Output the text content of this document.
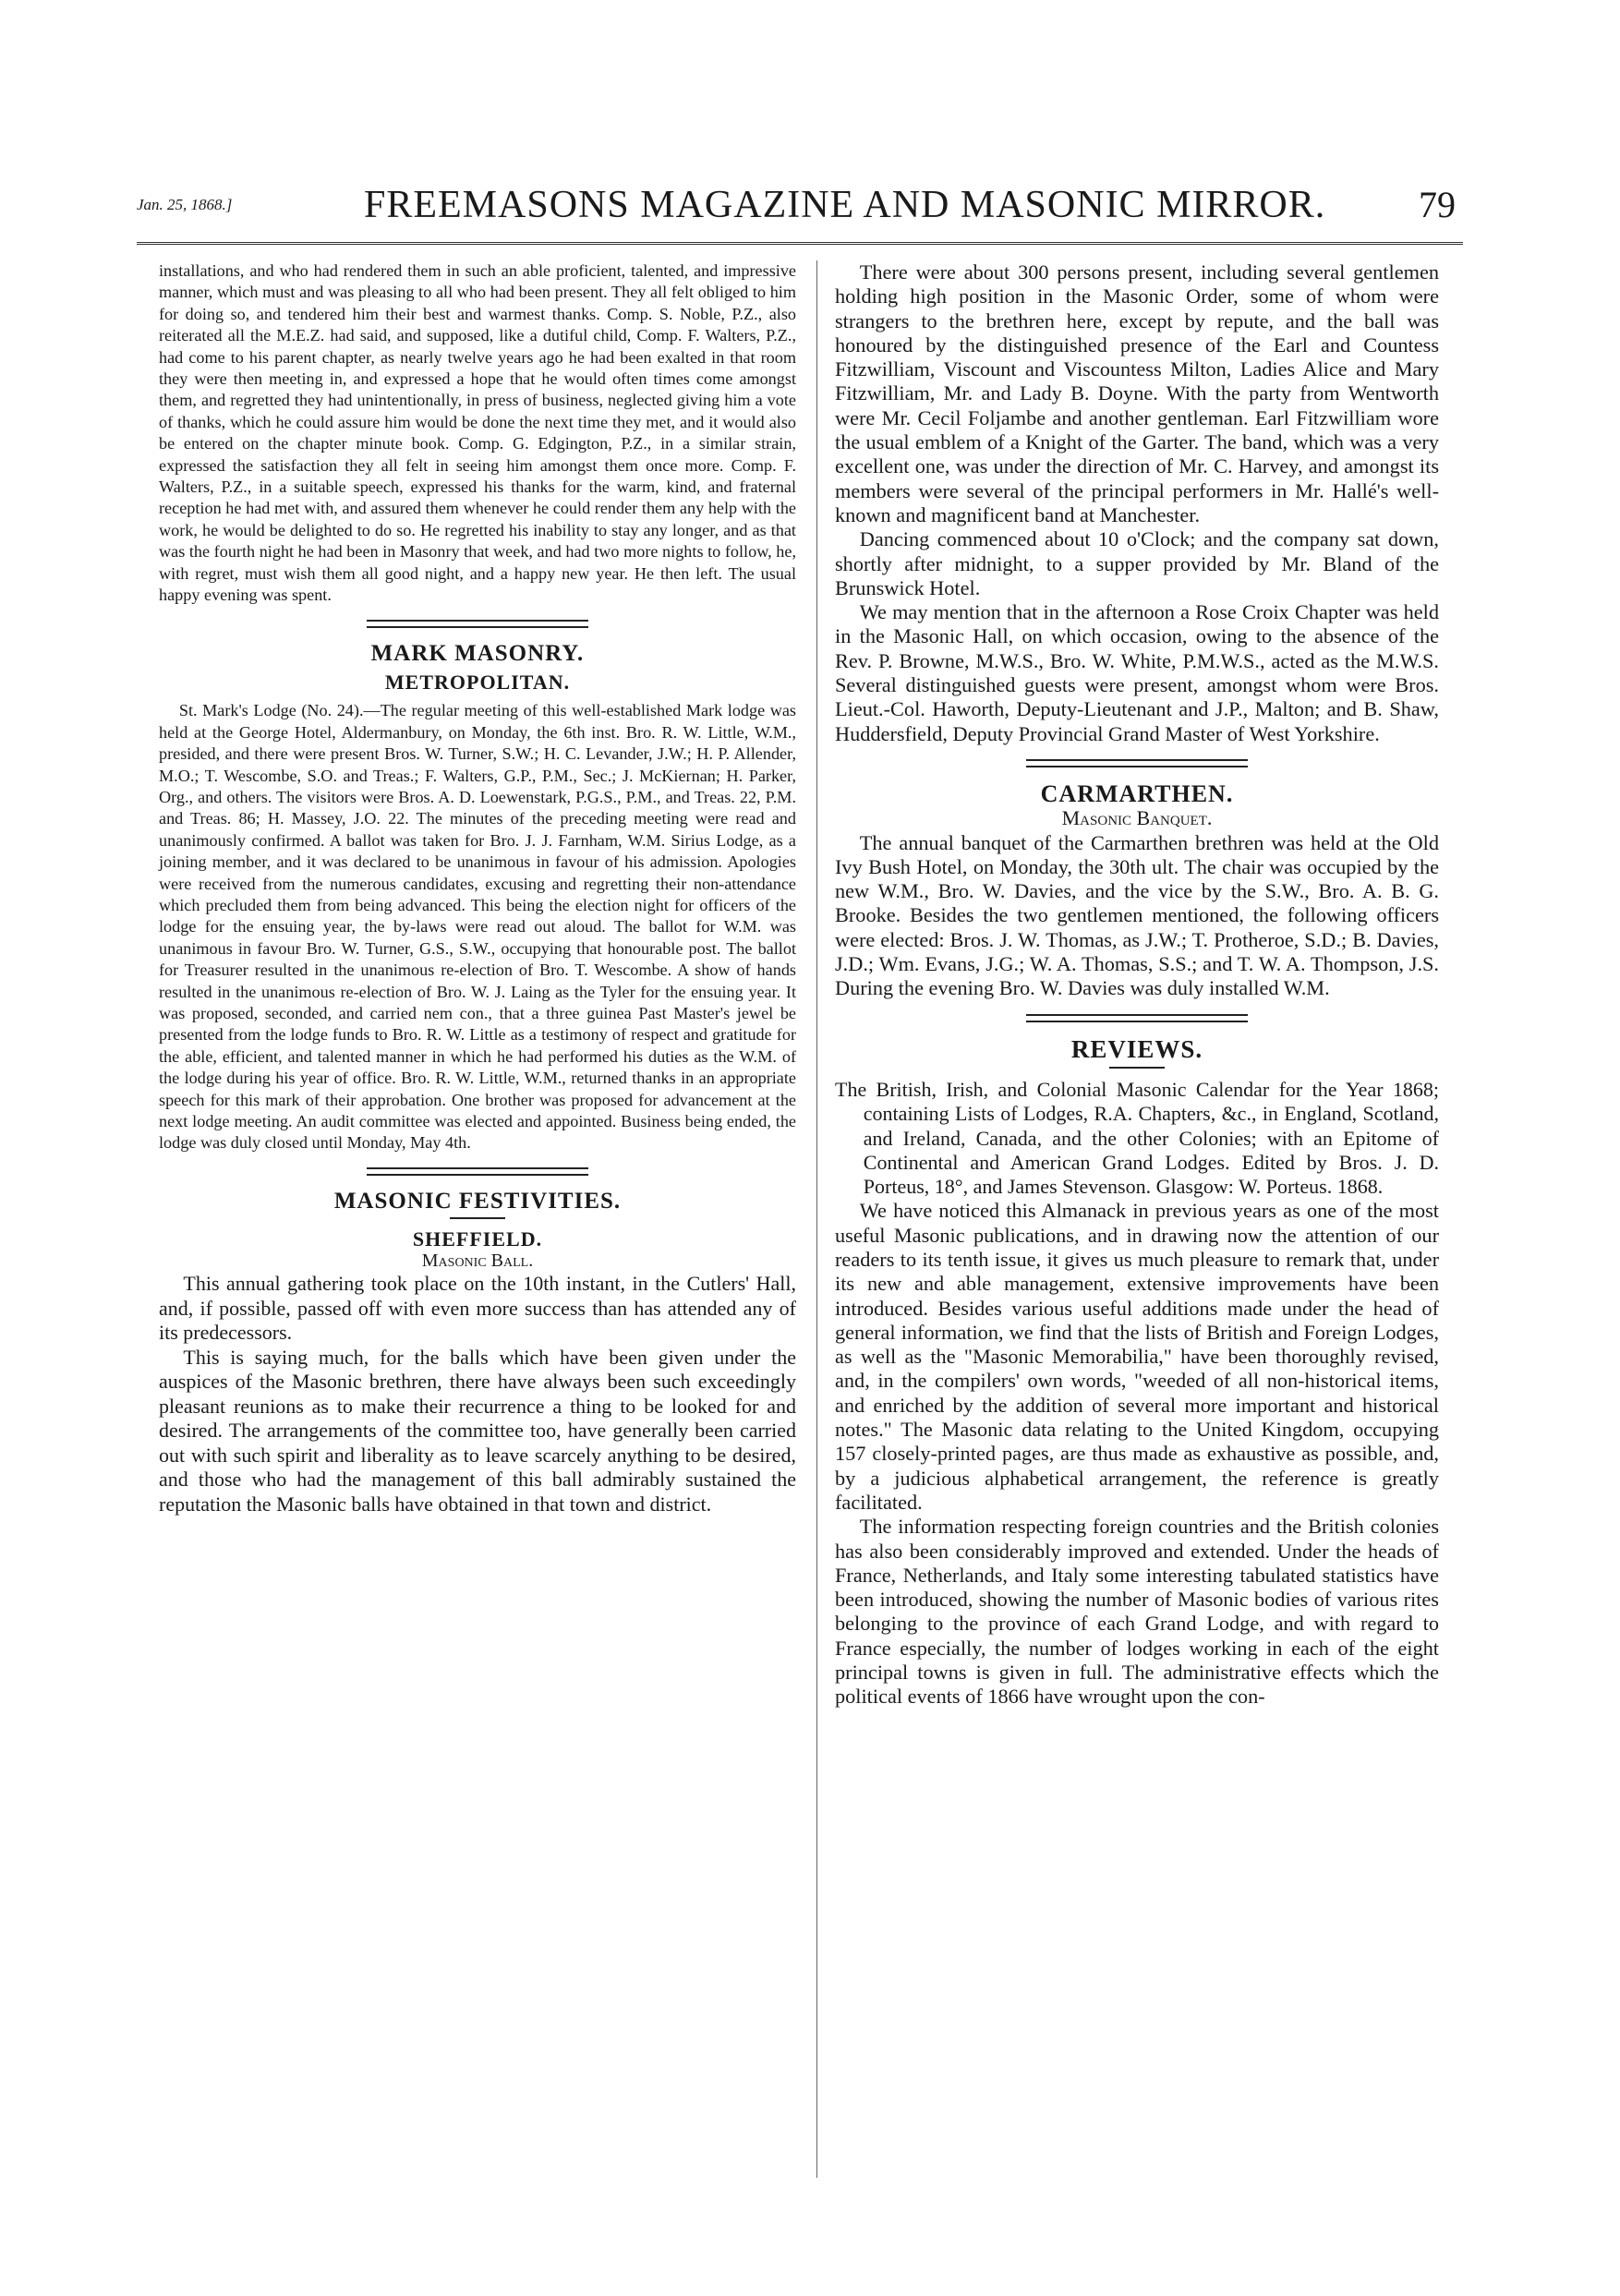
Jan. 25, 1868.]	FREEMASONS MAGAZINE AND MASONIC MIRROR.	79

installations, and who had rendered them in such an able proficient, talented, and impressive manner, which must and was pleasing to all who had been present. They all felt obliged to him for doing so, and tendered him their best and warmest thanks. Comp. S. Noble, P.Z., also reiterated all the M.E.Z. had said, and supposed, like a dutiful child, Comp. F. Walters, P.Z., had come to his parent chapter, as nearly twelve years ago he had been exalted in that room they were then meeting in, and expressed a hope that he would often times come amongst them, and regretted they had unintentionally, in press of business, neglected giving him a vote of thanks, which he could assure him would be done the next time they met, and it would also be entered on the chapter minute book. Comp. G. Edgington, P.Z., in a similar strain, expressed the satisfaction they all felt in seeing him amongst them once more. Comp. F. Walters, P.Z., in a suitable speech, expressed his thanks for the warm, kind, and fraternal reception he had met with, and assured them whenever he could render them any help with the work, he would be delighted to do so. He regretted his inability to stay any longer, and as that was the fourth night he had been in Masonry that week, and had two more nights to follow, he, with regret, must wish them all good night, and a happy new year. He then left. The usual happy evening was spent.

MARK MASONRY.
METROPOLITAN.

St. Mark's Lodge (No. 24).—The regular meeting of this well-established Mark lodge was held at the George Hotel, Aldermanbury, on Monday, the 6th inst. Bro. R. W. Little, W.M., presided, and there were present Bros. W. Turner, S.W.; H. C. Levander, J.W.; H. P. Allender, M.O.; T. Wescombe, S.O. and Treas.; F. Walters, G.P., P.M., Sec.; J. McKiernan; H. Parker, Org., and others. The visitors were Bros. A. D. Loewenstark, P.G.S., P.M., and Treas. 22, P.M. and Treas. 86; H. Massey, J.O. 22. The minutes of the preceding meeting were read and unanimously confirmed. A ballot was taken for Bro. J. J. Farnham, W.M. Sirius Lodge, as a joining member, and it was declared to be unanimous in favour of his admission. Apologies were received from the numerous candidates, excusing and regretting their non-attendance which precluded them from being advanced. This being the election night for officers of the lodge for the ensuing year, the by-laws were read out aloud. The ballot for W.M. was unanimous in favour Bro. W. Turner, G.S., S.W., occupying that honourable post. The ballot for Treasurer resulted in the unanimous re-election of Bro. T. Wescombe. A show of hands resulted in the unanimous re-election of Bro. W. J. Laing as the Tyler for the ensuing year. It was proposed, seconded, and carried nem con., that a three guinea Past Master's jewel be presented from the lodge funds to Bro. R. W. Little as a testimony of respect and gratitude for the able, efficient, and talented manner in which he had performed his duties as the W.M. of the lodge during his year of office. Bro. R. W. Little, W.M., returned thanks in an appropriate speech for this mark of their approbation. One brother was proposed for advancement at the next lodge meeting. An audit committee was elected and appointed. Business being ended, the lodge was duly closed until Monday, May 4th.

MASONIC FESTIVITIES.
SHEFFIELD.
Masonic Ball.

This annual gathering took place on the 10th instant, in the Cutlers' Hall, and, if possible, passed off with even more success than has attended any of its predecessors.

This is saying much, for the balls which have been given under the auspices of the Masonic brethren, there have always been such exceedingly pleasant reunions as to make their recurrence a thing to be looked for and desired. The arrangements of the committee too, have generally been carried out with such spirit and liberality as to leave scarcely anything to be desired, and those who had the management of this ball admirably sustained the reputation the Masonic balls have obtained in that town and district.

There were about 300 persons present, including several gentlemen holding high position in the Masonic Order, some of whom were strangers to the brethren here, except by repute, and the ball was honoured by the distinguished presence of the Earl and Countess Fitzwilliam, Viscount and Viscountess Milton, Ladies Alice and Mary Fitzwilliam, Mr. and Lady B. Doyne. With the party from Wentworth were Mr. Cecil Foljambe and another gentleman. Earl Fitzwilliam wore the usual emblem of a Knight of the Garter. The band, which was a very excellent one, was under the direction of Mr. C. Harvey, and amongst its members were several of the principal performers in Mr. Hallé's well-known and magnificent band at Manchester.

Dancing commenced about 10 o'Clock; and the company sat down, shortly after midnight, to a supper provided by Mr. Bland of the Brunswick Hotel.

We may mention that in the afternoon a Rose Croix Chapter was held in the Masonic Hall, on which occasion, owing to the absence of the Rev. P. Browne, M.W.S., Bro. W. White, P.M.W.S., acted as the M.W.S. Several distinguished guests were present, amongst whom were Bros. Lieut.-Col. Haworth, Deputy-Lieutenant and J.P., Malton; and B. Shaw, Huddersfield, Deputy Provincial Grand Master of West Yorkshire.

CARMARTHEN.
Masonic Banquet.

The annual banquet of the Carmarthen brethren was held at the Old Ivy Bush Hotel, on Monday, the 30th ult. The chair was occupied by the new W.M., Bro. W. Davies, and the vice by the S.W., Bro. A. B. G. Brooke. Besides the two gentlemen mentioned, the following officers were elected: Bros. J. W. Thomas, as J.W.; T. Protheroe, S.D.; B. Davies, J.D.; Wm. Evans, J.G.; W. A. Thomas, S.S.; and T. W. A. Thompson, J.S. During the evening Bro. W. Davies was duly installed W.M.

REVIEWS.
The British, Irish, and Colonial Masonic Calendar for the Year 1868; containing Lists of Lodges, R.A. Chapters, &c., in England, Scotland, and Ireland, Canada, and the other Colonies; with an Epitome of Continental and American Grand Lodges. Edited by Bros. J. D. Porteus, 18°, and James Stevenson. Glasgow: W. Porteus. 1868.

We have noticed this Almanack in previous years as one of the most useful Masonic publications, and in drawing now the attention of our readers to its tenth issue, it gives us much pleasure to remark that, under its new and able management, extensive improvements have been introduced. Besides various useful additions made under the head of general information, we find that the lists of British and Foreign Lodges, as well as the "Masonic Memorabilia," have been thoroughly revised, and, in the compilers' own words, "weeded of all non-historical items, and enriched by the addition of several more important and historical notes." The Masonic data relating to the United Kingdom, occupying 157 closely-printed pages, are thus made as exhaustive as possible, and, by a judicious alphabetical arrangement, the reference is greatly facilitated.

The information respecting foreign countries and the British colonies has also been considerably improved and extended. Under the heads of France, Netherlands, and Italy some interesting tabulated statistics have been introduced, showing the number of Masonic bodies of various rites belonging to the province of each Grand Lodge, and with regard to France especially, the number of lodges working in each of the eight principal towns is given in full. The administrative effects which the political events of 1866 have wrought upon the con-
